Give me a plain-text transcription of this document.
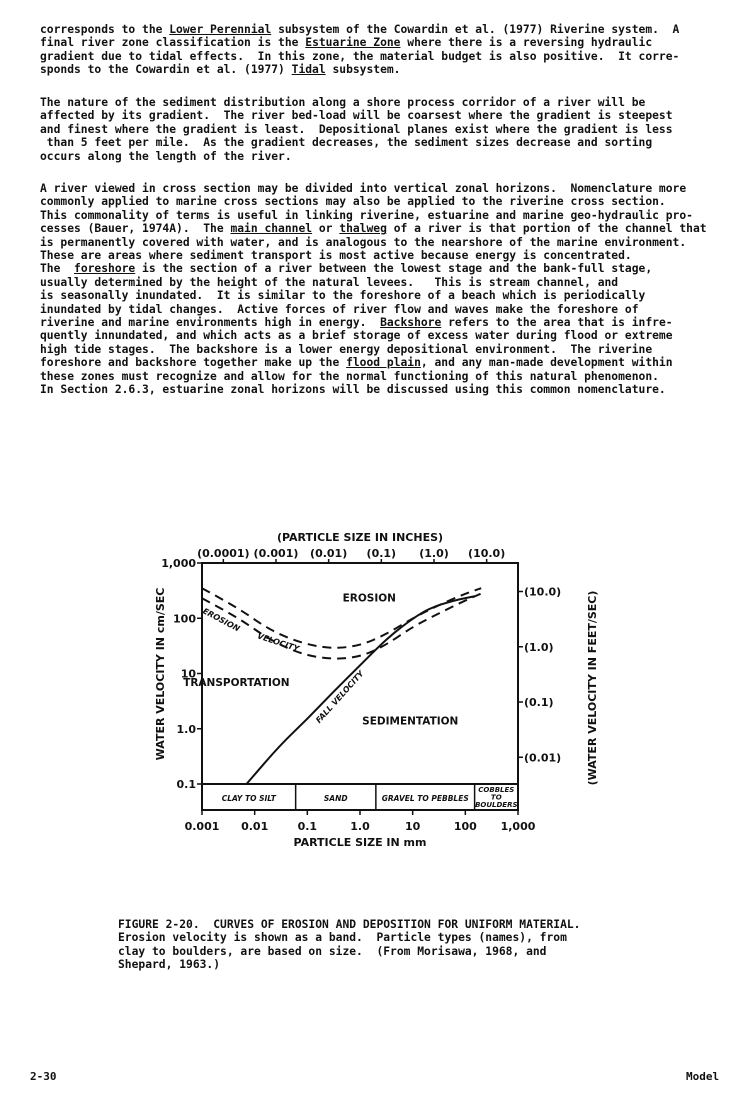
corresponds to the Lower Perennial subsystem of the Cowardin et al. (1977) Riverine system.  A
final river zone classification is the Estuarine Zone where there is a reversing hydraulic
gradient due to tidal effects.  In this zone, the material budget is also positive.  It corre-
sponds to the Cowardin et al. (1977) Tidal subsystem.
The nature of the sediment distribution along a shore process corridor of a river will be
affected by its gradient.  The river bed-load will be coarsest where the gradient is steepest
and finest where the gradient is least.  Depositional planes exist where the gradient is less
than 5 feet per mile.  As the gradient decreases, the sediment sizes decrease and sorting
occurs along the length of the river.
A river viewed in cross section may be divided into vertical zonal horizons.  Nomenclature more
commonly applied to marine cross sections may also be applied to the riverine cross section.
This commonality of terms is useful in linking riverine, estuarine and marine geo-hydraulic pro-
cesses (Bauer, 1974A).  The main channel or thalweg of a river is that portion of the channel that
is permanently covered with water, and is analogous to the nearshore of the marine environment.
These are areas where sediment transport is most active because energy is concentrated.
The  foreshore is the section of a river between the lowest stage and the bank-full stage,
usually determined by the height of the natural levees.   This is stream channel, and
is seasonally inundated.  It is similar to the foreshore of a beach which is periodically
inundated by tidal changes.  Active forces of river flow and waves make the foreshore of
riverine and marine environments high in energy.  Backshore refers to the area that is infre-
quently innundated, and which acts as a brief storage of excess water during flood or extreme
high tide stages.  The backshore is a lower energy depositional environment.  The riverine
foreshore and backshore together make up the flood plain, and any man-made development within
these zones must recognize and allow for the normal functioning of this natural phenomenon.
In Section 2.6.3, estuarine zonal horizons will be discussed using this common nomenclature.
CLAY TO SILT	SAND	GRAVEL TO PEBBLES
COBBLES
TO
BOULDERS
1,000
100
10
1.0
0.1
(10.0)
(1.0)
(0.1)
(0.01)
0.001 0.01	0.1	1.0	10	100 1,000
(0.0001) (0.001) (0.01) (0.1) (1.0) (10.0)
(PARTICLE SIZE IN INCHES)
PARTICLE SIZE IN mm
WATER VELOCITY IN cm/SEC	(WATER VELOCITY IN FEET/SEC)
EROSION
VELOCITY
FALL VELOCITY
EROSION
TRANSPORTATION
SEDIMENTATION
FIGURE 2-20.  CURVES OF EROSION AND DEPOSITION FOR UNIFORM MATERIAL.
Erosion velocity is shown as a band.  Particle types (names), from
clay to boulders, are based on size.  (From Morisawa, 1968, and
Shepard, 1963.)
2-30	Model
